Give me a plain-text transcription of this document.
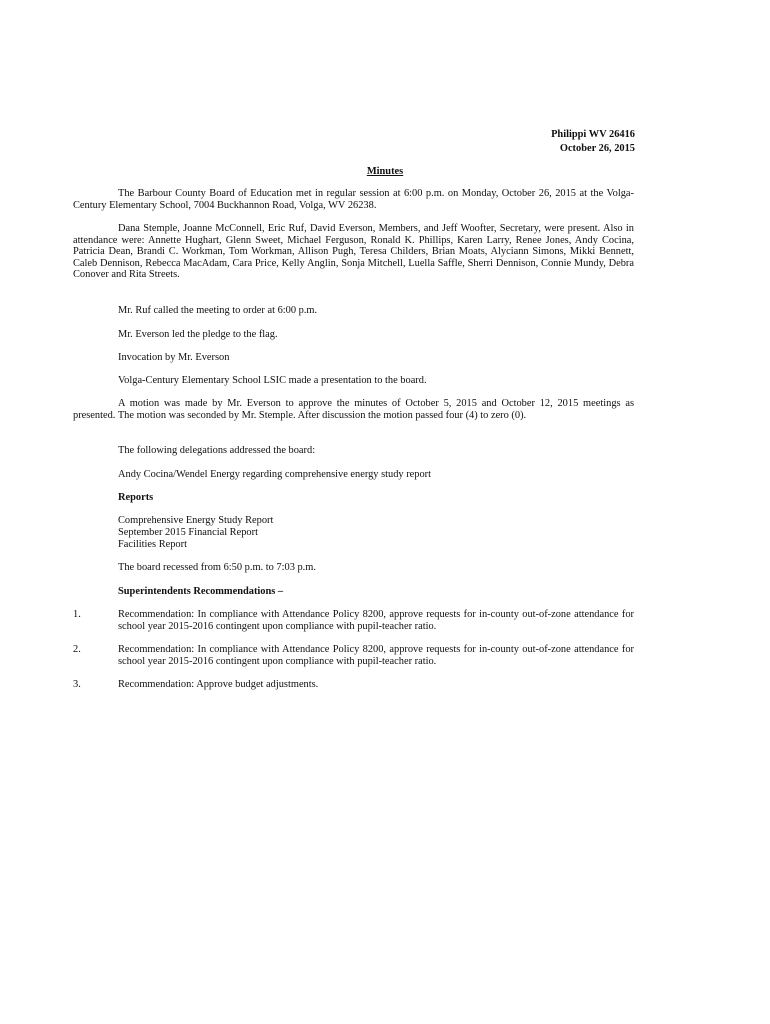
Philippi WV 26416
October 26, 2015
Minutes
The Barbour County Board of Education met in regular session at 6:00 p.m. on Monday, October 26, 2015 at the Volga-Century Elementary School, 7004 Buckhannon Road, Volga, WV 26238.
Dana Stemple, Joanne McConnell, Eric Ruf, David Everson, Members, and Jeff Woofter, Secretary, were present. Also in attendance were: Annette Hughart, Glenn Sweet, Michael Ferguson, Ronald K. Phillips, Karen Larry, Renee Jones, Andy Cocina, Patricia Dean, Brandi C. Workman, Tom Workman, Allison Pugh, Teresa Childers, Brian Moats, Alyciann Simons, Mikki Bennett, Caleb Dennison, Rebecca MacAdam, Cara Price, Kelly Anglin, Sonja Mitchell, Luella Saffle, Sherri Dennison, Connie Mundy, Debra Conover and Rita Streets.
Mr. Ruf called the meeting to order at 6:00 p.m.
Mr. Everson led the pledge to the flag.
Invocation by Mr. Everson
Volga-Century Elementary School LSIC made a presentation to the board.
A motion was made by Mr. Everson to approve the minutes of October 5, 2015 and October 12, 2015 meetings as presented. The motion was seconded by Mr. Stemple. After discussion the motion passed four (4) to zero (0).
The following delegations addressed the board:
Andy Cocina/Wendel Energy regarding comprehensive energy study report
Reports
Comprehensive Energy Study Report
September 2015 Financial Report
Facilities Report
The board recessed from 6:50 p.m. to 7:03 p.m.
Superintendents Recommendations –
1.	Recommendation: In compliance with Attendance Policy 8200, approve requests for in-county out-of-zone attendance for school year 2015-2016 contingent upon compliance with pupil-teacher ratio.
2.	Recommendation: In compliance with Attendance Policy 8200, approve requests for in-county out-of-zone attendance for school year 2015-2016 contingent upon compliance with pupil-teacher ratio.
3.	Recommendation: Approve budget adjustments.
